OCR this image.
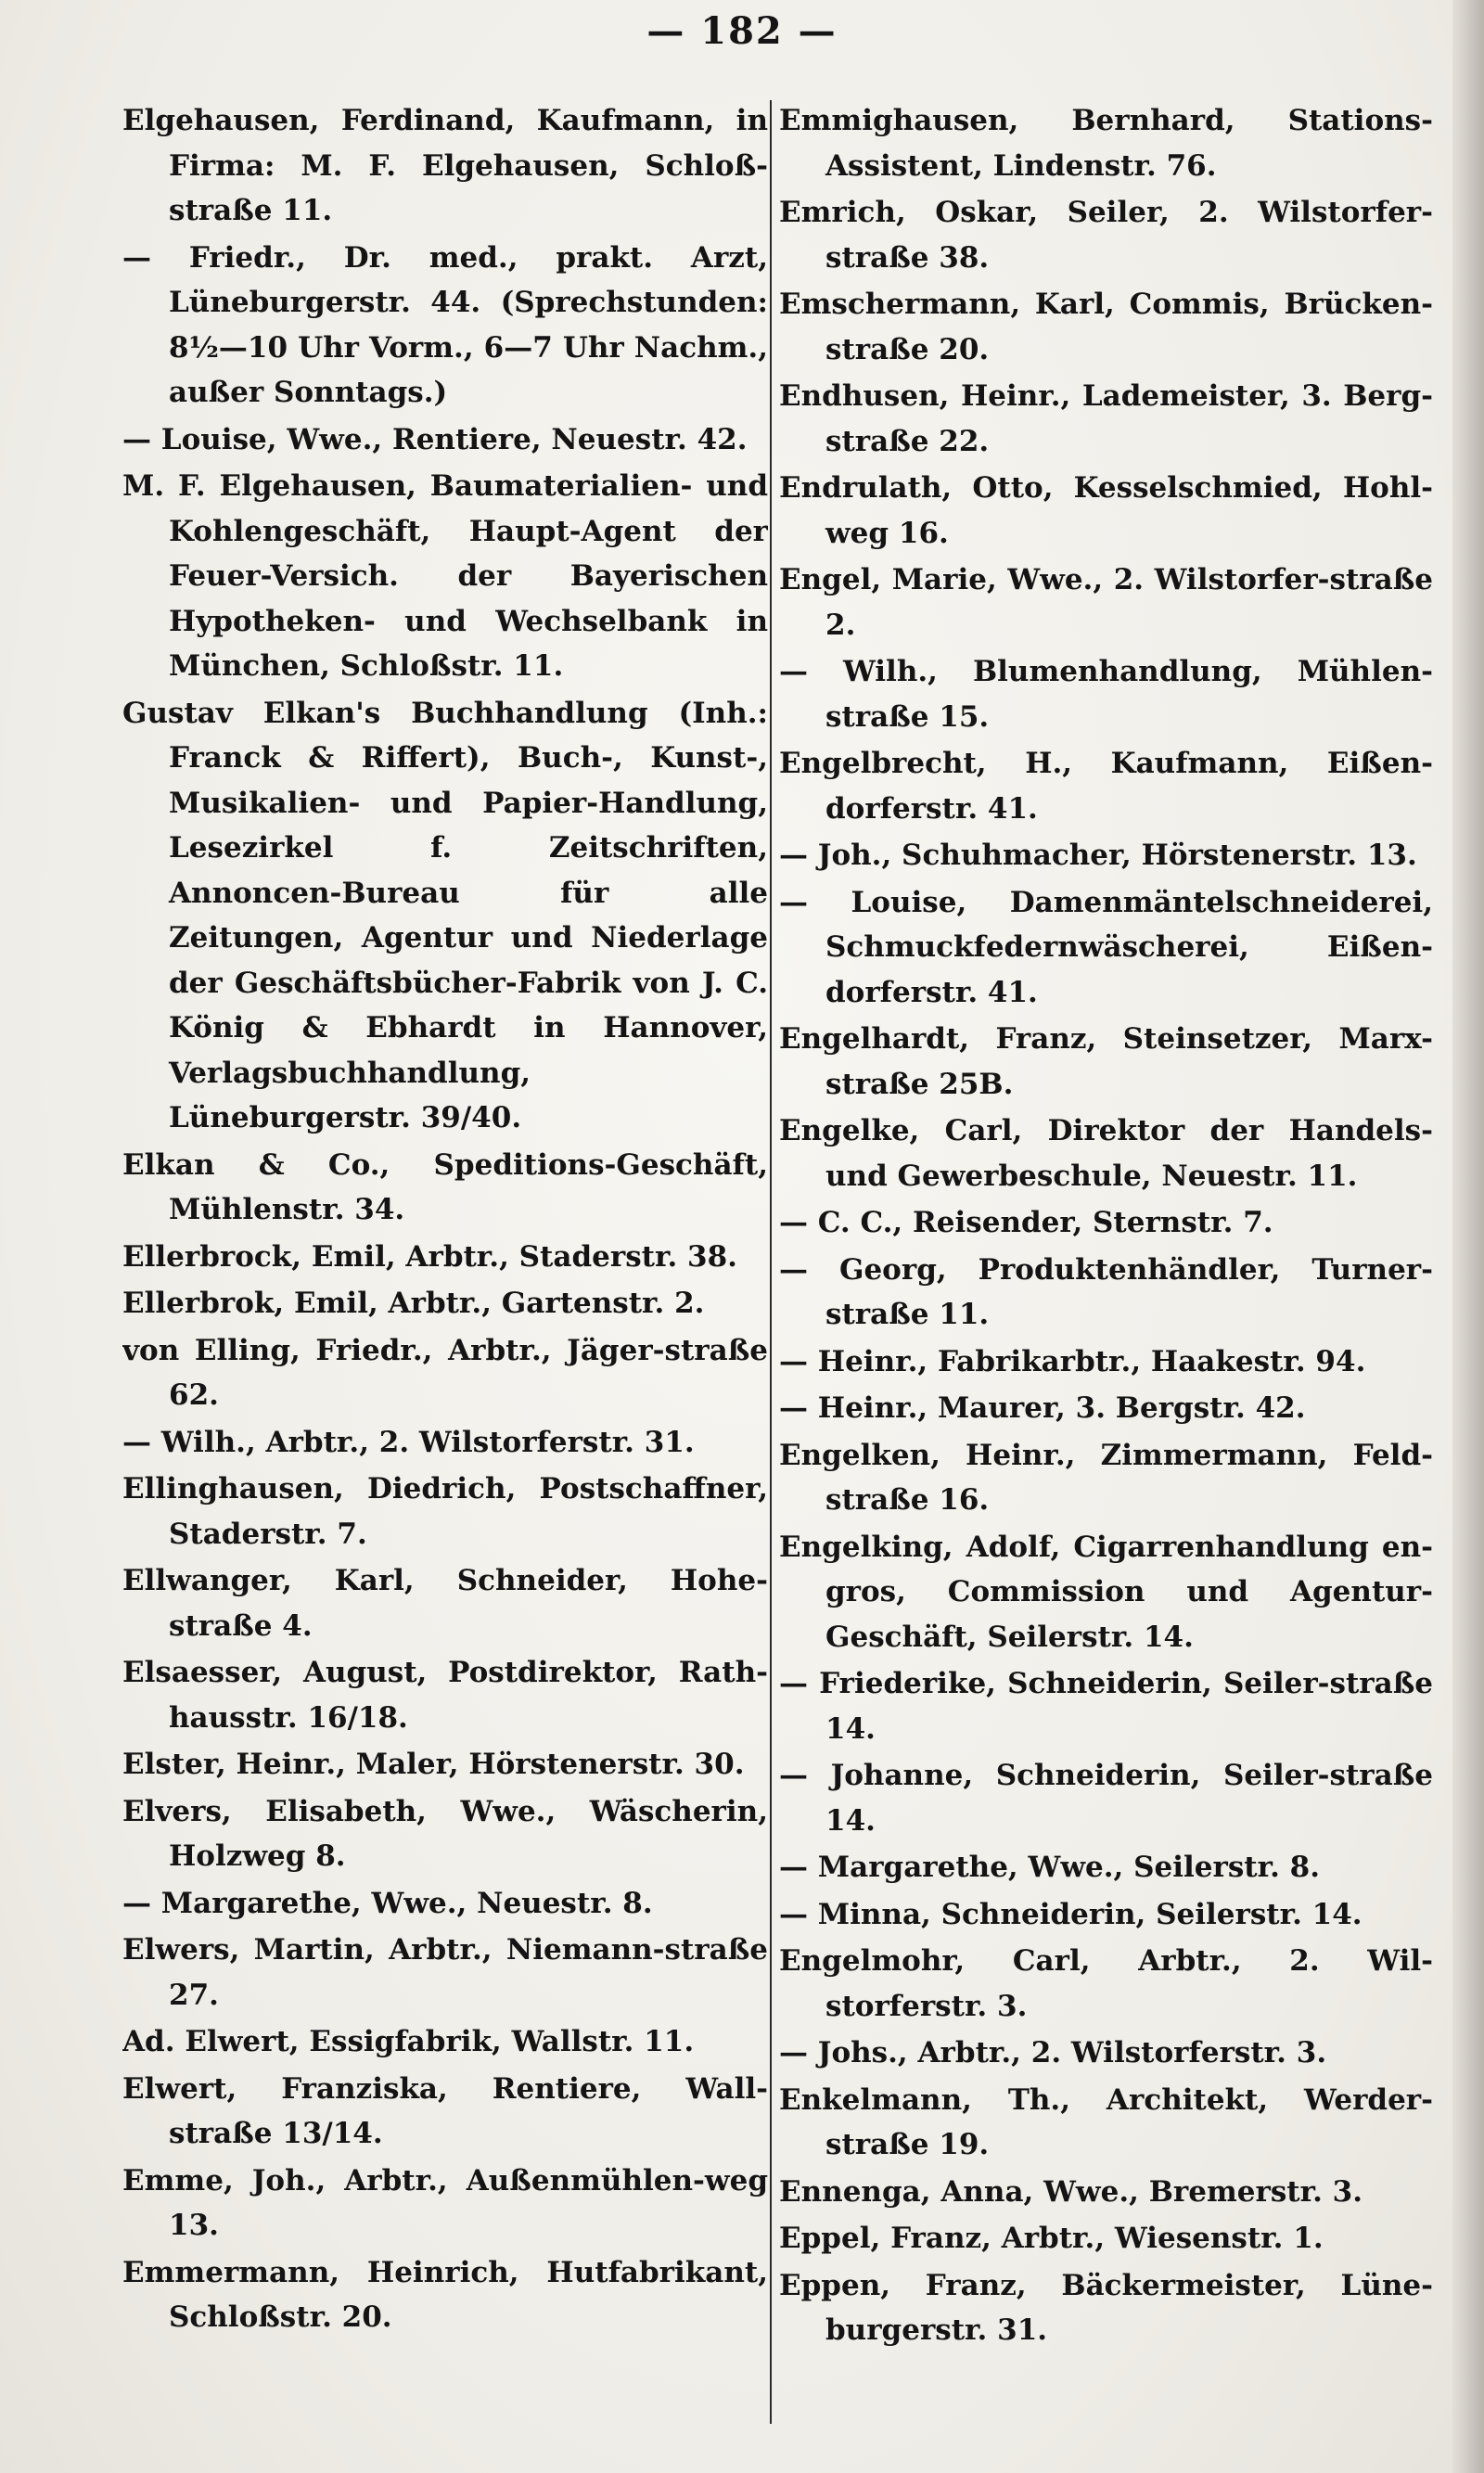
— 182 —

Elgehausen, Ferdinand, Kaufmann, in Firma: M. F. Elgehausen, Schloß-straße 11.

— Friedr., Dr. med., prakt. Arzt, Lüneburgerstr. 44. (Sprechstunden: 8½—10 Uhr Vorm., 6—7 Uhr Nachm., außer Sonntags.)

— Louise, Wwe., Rentiere, Neuestr. 42.

M. F. Elgehausen, Baumaterialien- und Kohlengeschäft, Haupt-Agent der Feuer-Versich. der Bayerischen Hypotheken- und Wechselbank in München, Schloßstr. 11.

Gustav Elkan's Buchhandlung (Inh.: Franck & Riffert), Buch-, Kunst-, Musikalien- und Papier-Handlung, Lesezirkel f. Zeitschriften, Annoncen-Bureau für alle Zeitungen, Agentur und Niederlage der Geschäftsbücher-Fabrik von J. C. König & Ebhardt in Hannover, Verlagsbuchhandlung, Lüneburgerstr. 39/40.

Elkan & Co., Speditions-Geschäft, Mühlenstr. 34.

Ellerbrock, Emil, Arbtr., Staderstr. 38.

Ellerbrok, Emil, Arbtr., Gartenstr. 2.

von Elling, Friedr., Arbtr., Jäger-straße 62.

— Wilh., Arbtr., 2. Wilstorferstr. 31.

Ellinghausen, Diedrich, Postschaffner, Staderstr. 7.

Ellwanger, Karl, Schneider, Hohe-straße 4.

Elsaesser, August, Postdirektor, Rath-hausstr. 16/18.

Elster, Heinr., Maler, Hörstenerstr. 30.

Elvers, Elisabeth, Wwe., Wäscherin, Holzweg 8.

— Margarethe, Wwe., Neuestr. 8.

Elwers, Martin, Arbtr., Niemann-straße 27.

Ad. Elwert, Essigfabrik, Wallstr. 11.

Elwert, Franziska, Rentiere, Wall-straße 13/14.

Emme, Joh., Arbtr., Außenmühlen-weg 13.

Emmermann, Heinrich, Hutfabrikant, Schloßstr. 20.

Emmighausen, Bernhard, Stations-Assistent, Lindenstr. 76.

Emrich, Oskar, Seiler, 2. Wilstorfer-straße 38.

Emschermann, Karl, Commis, Brücken-straße 20.

Endhusen, Heinr., Lademeister, 3. Berg-straße 22.

Endrulath, Otto, Kesselschmied, Hohl-weg 16.

Engel, Marie, Wwe., 2. Wilstorfer-straße 2.

— Wilh., Blumenhandlung, Mühlen-straße 15.

Engelbrecht, H., Kaufmann, Eißen-dorferstr. 41.

— Joh., Schuhmacher, Hörstenerstr. 13.

— Louise, Damenmäntelschneiderei, Schmuckfedernwäscherei, Eißen-dorferstr. 41.

Engelhardt, Franz, Steinsetzer, Marx-straße 25B.

Engelke, Carl, Direktor der Handels- und Gewerbeschule, Neuestr. 11.

— C. C., Reisender, Sternstr. 7.

— Georg, Produktenhändler, Turner-straße 11.

— Heinr., Fabrikarbtr., Haakestr. 94.

— Heinr., Maurer, 3. Bergstr. 42.

Engelken, Heinr., Zimmermann, Feld-straße 16.

Engelking, Adolf, Cigarrenhandlung en-gros, Commission und Agentur-Geschäft, Seilerstr. 14.

— Friederike, Schneiderin, Seiler-straße 14.

— Johanne, Schneiderin, Seiler-straße 14.

— Margarethe, Wwe., Seilerstr. 8.

— Minna, Schneiderin, Seilerstr. 14.

Engelmohr, Carl, Arbtr., 2. Wil-storferstr. 3.

— Johs., Arbtr., 2. Wilstorferstr. 3.

Enkelmann, Th., Architekt, Werder-straße 19.

Ennenga, Anna, Wwe., Bremerstr. 3.

Eppel, Franz, Arbtr., Wiesenstr. 1.

Eppen, Franz, Bäckermeister, Lüne-burgerstr. 31.
